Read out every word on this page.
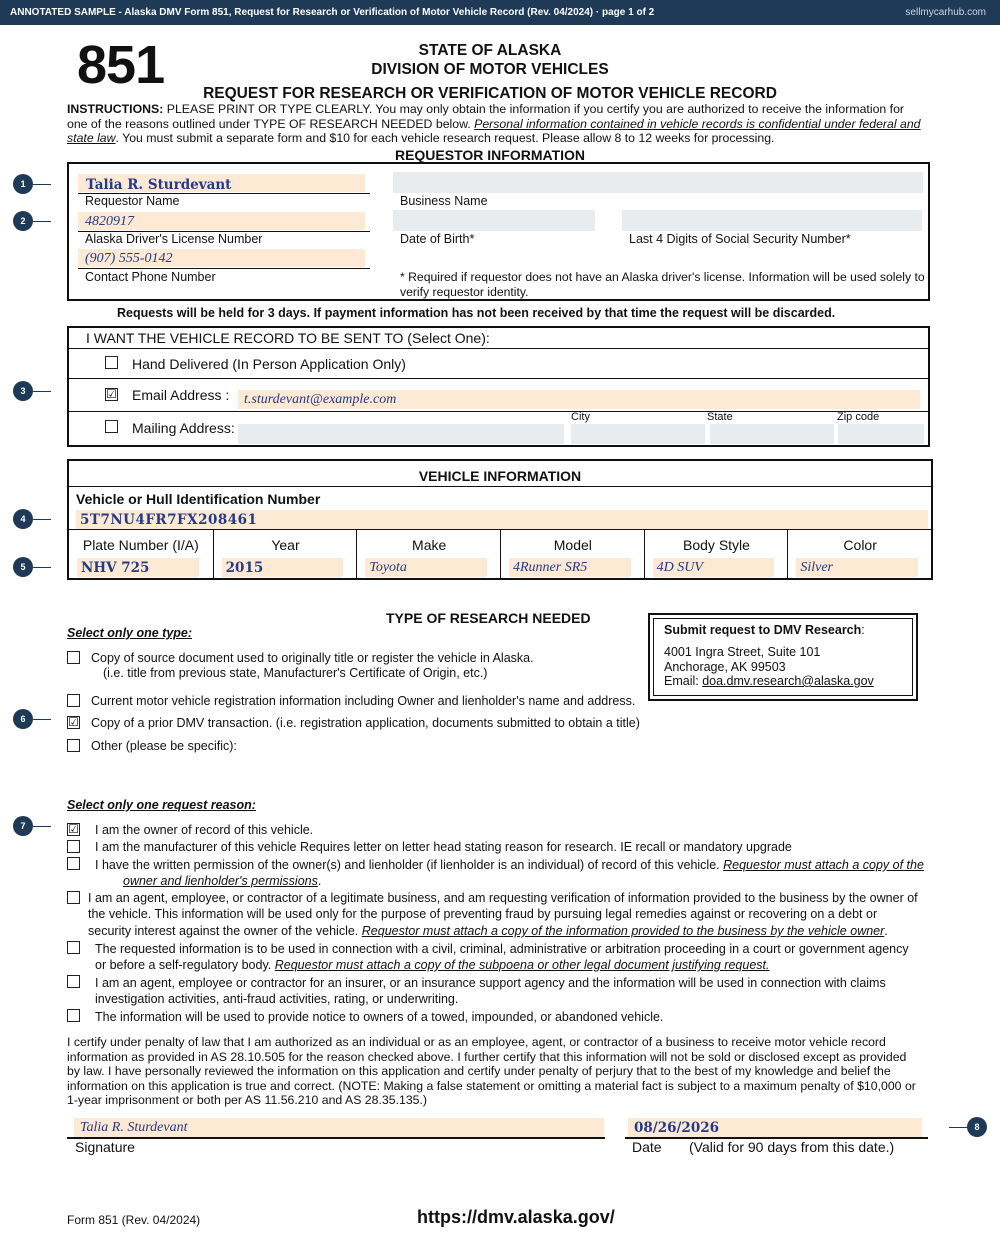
ANNOTATED SAMPLE - Alaska DMV Form 851, Request for Research or Verification of Motor Vehicle Record (Rev. 04/2024) · page 1 of 2	sellmycarhub.com
851	STATE OF ALASKA
DIVISION OF MOTOR VEHICLES
REQUEST FOR RESEARCH OR VERIFICATION OF MOTOR VEHICLE RECORD
INSTRUCTIONS: PLEASE PRINT OR TYPE CLEARLY. You may only obtain the information if you certify you are authorized to receive the information for one of the reasons outlined under TYPE OF RESEARCH NEEDED below. Personal information contained in vehicle records is confidential under federal and state law. You must submit a separate form and $10 for each vehicle research request. Please allow 8 to 12 weeks for processing.
REQUESTOR INFORMATION
Talia R. Sturdevant
Requestor Name	Business Name
4820917
Alaska Driver's License Number	Date of Birth*	Last 4 Digits of Social Security Number*
(907) 555-0142
Contact Phone Number	* Required if requestor does not have an Alaska driver's license. Information will be used solely to verify requestor identity.
Requests will be held for 3 days. If payment information has not been received by that time the request will be discarded.
I WANT THE VEHICLE RECORD TO BE SENT TO (Select One):
Hand Delivered (In Person Application Only)
☑ Email Address : t.sturdevant@example.com
City	State	Zip code
Mailing Address:
VEHICLE INFORMATION
Vehicle or Hull Identification Number
5T7NU4FR7FX208461
Plate Number (I/A)
NHV 725
Year
2015
Make
Toyota
Model
4Runner SR5
Body Style
4D SUV
Color
Silver
TYPE OF RESEARCH NEEDED
Select only one type:	Submit request to DMV Research:
4001 Ingra Street, Suite 101
Anchorage, AK 99503
Email: doa.dmv.research@alaska.gov
Copy of source document used to originally title or register the vehicle in Alaska.
(i.e. title from previous state, Manufacturer's Certificate of Origin, etc.)
Current motor vehicle registration information including Owner and lienholder's name and address.
☑ Copy of a prior DMV transaction. (i.e. registration application, documents submitted to obtain a title)
Other (please be specific):
Select only one request reason:
☑ I am the owner of record of this vehicle.
I am the manufacturer of this vehicle Requires letter on letter head stating reason for research. IE recall or mandatory upgrade
I have the written permission of the owner(s) and lienholder (if lienholder is an individual) of record of this vehicle. Requestor must attach a copy of the
owner and lienholder's permissions.
I am an agent, employee, or contractor of a legitimate business, and am requesting verification of information provided to the business by the owner of
the vehicle. This information will be used only for the purpose of preventing fraud by pursuing legal remedies against or recovering on a debt or
security interest against the owner of the vehicle. Requestor must attach a copy of the information provided to the business by the vehicle owner.
The requested information is to be used in connection with a civil, criminal, administrative or arbitration proceeding in a court or government agency
or before a self-regulatory body. Requestor must attach a copy of the subpoena or other legal document justifying request.
I am an agent, employee or contractor for an insurer, or an insurance support agency and the information will be used in connection with claims
investigation activities, anti-fraud activities, rating, or underwriting.
The information will be used to provide notice to owners of a towed, impounded, or abandoned vehicle.
I certify under penalty of law that I am authorized as an individual or as an employee, agent, or contractor of a business to receive motor vehicle record information as provided in AS 28.10.505 for the reason checked above. I further certify that this information will not be sold or disclosed except as provided by law. I have personally reviewed the information on this application and certify under penalty of perjury that to the best of my knowledge and belief the information on this application is true and correct. (NOTE: Making a false statement or omitting a material fact is subject to a maximum penalty of $10,000 or 1-year imprisonment or both per AS 11.56.210 and AS 28.35.135.)
Talia R. Sturdevant
Signature
08/26/2026
Date (Valid for 90 days from this date.)
Form 851 (Rev. 04/2024)	https://dmv.alaska.gov/
1
2
3
4
5
6
7
8
